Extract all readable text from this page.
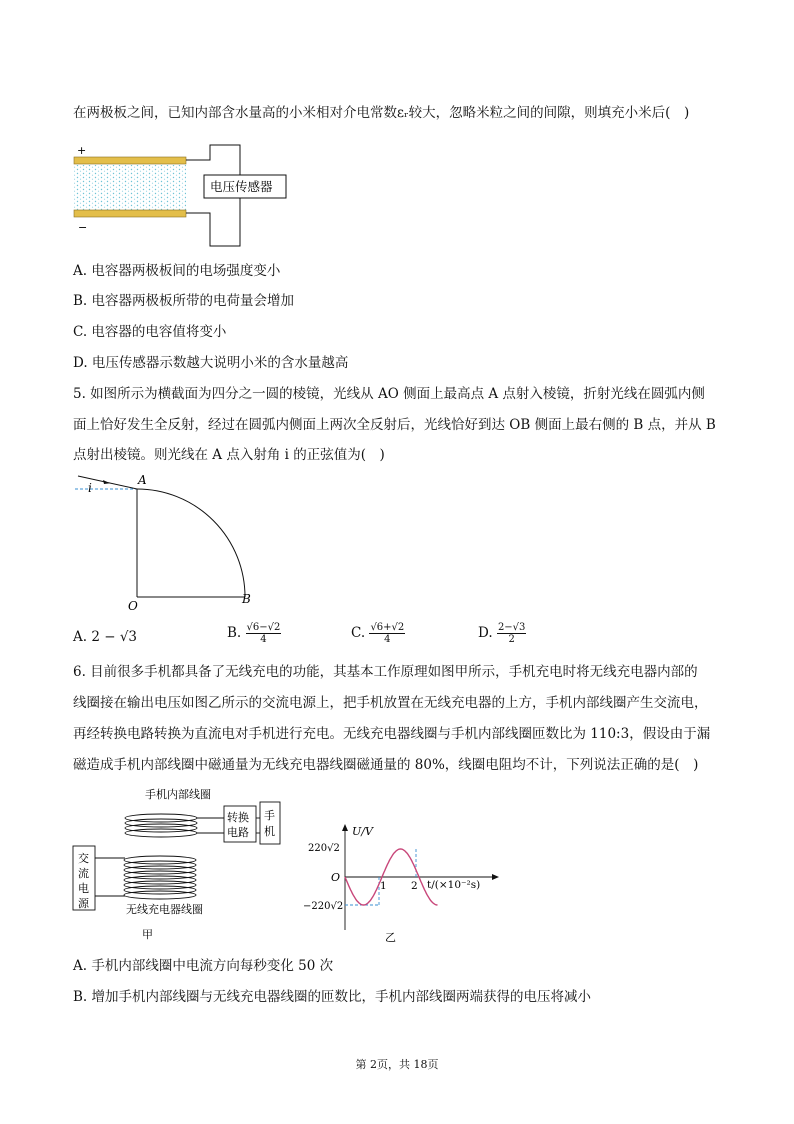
在两极板之间，已知内部含水量高的小米相对介电常数εᵣ较大，忽略米粒之间的间隙，则填充小米后(　)
+
−
电压传感器
A. 电容器两极板间的电场强度变小
B. 电容器两极板所带的电荷量会增加
C. 电容器的电容值将变小
D. 电压传感器示数越大说明小米的含水量越高
5. 如图所示为横截面为四分之一圆的棱镜，光线从 AO 侧面上最高点 A 点射入棱镜，折射光线在圆弧内侧
面上恰好发生全反射，经过在圆弧内侧面上两次全反射后，光线恰好到达 OB 侧面上最右侧的 B 点，并从 B
点射出棱镜。则光线在 A 点入射角 i 的正弦值为(　)
i
A
O	B
A. 2 − √3	B. $\frac{√6-√2}{4}$	C. $\frac{√6+√2}{4}$	D. $\frac{2-√3}{2}$
6. 目前很多手机都具备了无线充电的功能，其基本工作原理如图甲所示，手机充电时将无线充电器内部的
线圈接在输出电压如图乙所示的交流电源上，把手机放置在无线充电器的上方，手机内部线圈产生交流电，
再经转换电路转换为直流电对手机进行充电。无线充电器线圈与手机内部线圈匝数比为 110:3，假设由于漏
磁造成手机内部线圈中磁通量为无线充电器线圈磁通量的 80%，线圈电阻均不计，下列说法正确的是(　)
手机内部线圈
转换
电路
手
机
交
流
电
源	无线充电器线圈
甲
U/V
t/(×10⁻²s)
220√2
−220√2
O
1 2
乙
A. 手机内部线圈中电流方向每秒变化 50 次
B. 增加手机内部线圈与无线充电器线圈的匝数比，手机内部线圈两端获得的电压将减小
第 2页，共 18页
